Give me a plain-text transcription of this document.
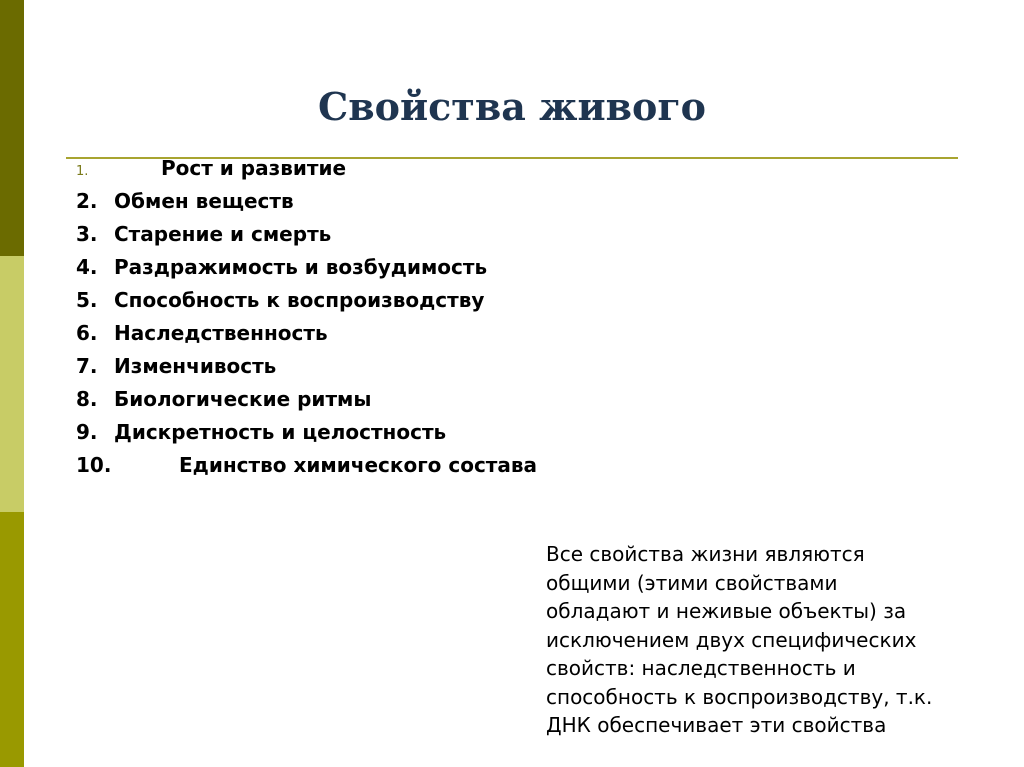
Свойства живого
1.	Рост и развитие
2. Обмен веществ
3. Старение и смерть
4. Раздражимость и возбудимость
5. Способность к воспроизводству
6. Наследственность
7. Изменчивость
8. Биологические ритмы
9. Дискретность и целостность
10.	Единство химического состава
Все свойства жизни являются
общими (этими свойствами
обладают и неживые объекты) за
исключением двух специфических
свойств: наследственность и
способность к воспроизводству, т.к.
ДНК обеспечивает эти свойства
